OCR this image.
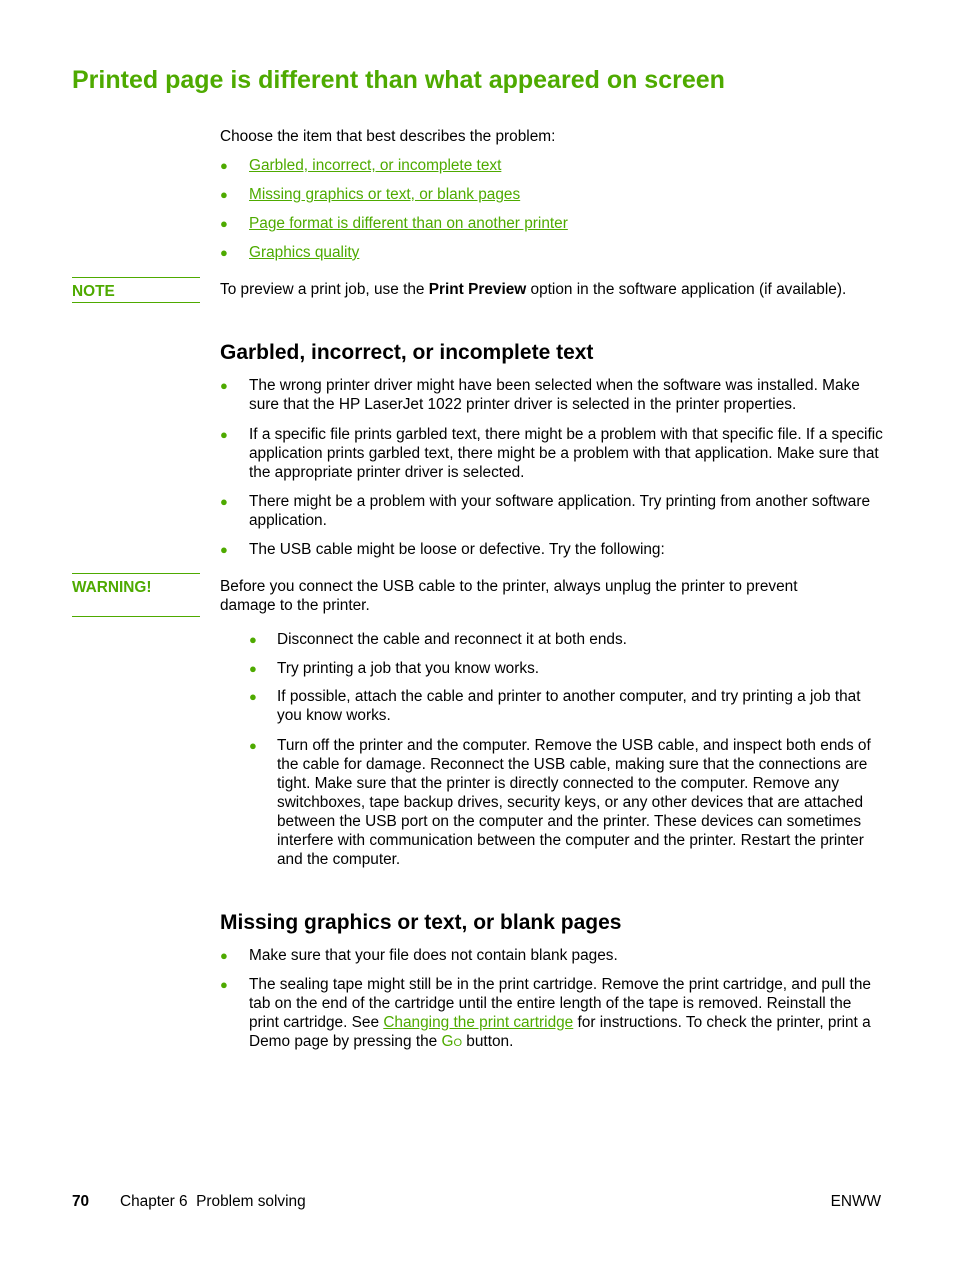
Printed page is different than what appeared on screen
Choose the item that best describes the problem:
● Garbled, incorrect, or incomplete text
● Missing graphics or text, or blank pages
● Page format is different than on another printer
● Graphics quality
NOTE	To preview a print job, use the Print Preview option in the software application (if available).
Garbled, incorrect, or incomplete text
● The wrong printer driver might have been selected when the software was installed. Make sure that the HP LaserJet 1022 printer driver is selected in the printer properties.
● If a specific file prints garbled text, there might be a problem with that specific file. If a specific application prints garbled text, there might be a problem with that application. Make sure that the appropriate printer driver is selected.
● There might be a problem with your software application. Try printing from another software application.
● The USB cable might be loose or defective. Try the following:
WARNING!	Before you connect the USB cable to the printer, always unplug the printer to prevent damage to the printer.
● Disconnect the cable and reconnect it at both ends.
● Try printing a job that you know works.
● If possible, attach the cable and printer to another computer, and try printing a job that you know works.
● Turn off the printer and the computer. Remove the USB cable, and inspect both ends of the cable for damage. Reconnect the USB cable, making sure that the connections are tight. Make sure that the printer is directly connected to the computer. Remove any switchboxes, tape backup drives, security keys, or any other devices that are attached between the USB port on the computer and the printer. These devices can sometimes interfere with communication between the computer and the printer. Restart the printer and the computer.
Missing graphics or text, or blank pages
● Make sure that your file does not contain blank pages.
● The sealing tape might still be in the print cartridge. Remove the print cartridge, and pull the tab on the end of the cartridge until the entire length of the tape is removed. Reinstall the print cartridge. See Changing the print cartridge for instructions. To check the printer, print a Demo page by pressing the Go button.
70 Chapter 6  Problem solving	ENWW
